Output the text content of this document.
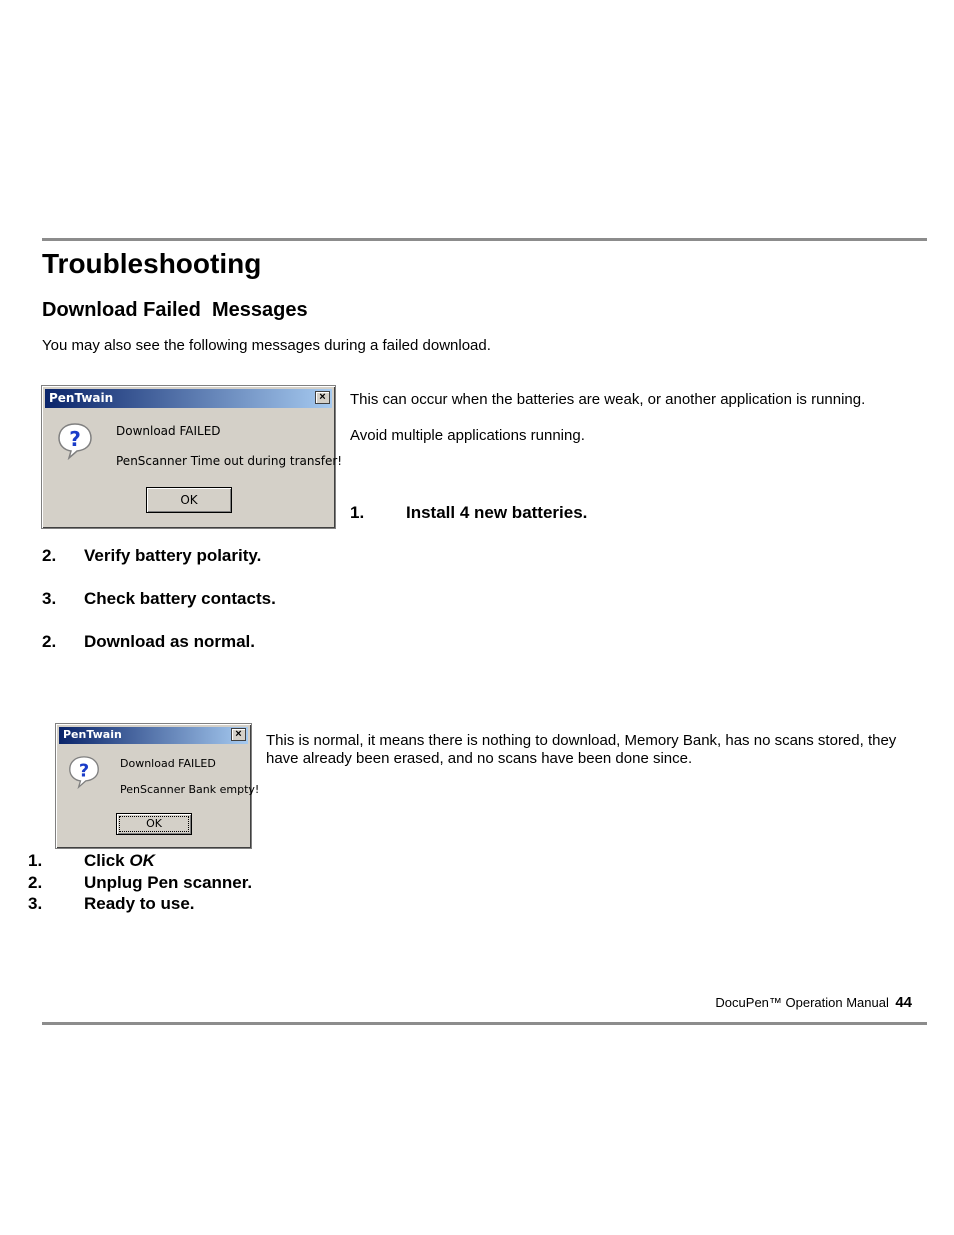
Troubleshooting
Download Failed  Messages
You may also see the following messages during a failed download.
PenTwain	×
?	Download FAILED
PenScanner Time out during transfer!
OK
This can occur when the batteries are weak, or another application is running.
Avoid multiple applications running.
1. Install 4 new batteries.
2. Verify battery polarity.
3. Check battery contacts.
2. Download as normal.
PenTwain	×
?	Download FAILED
PenScanner Bank empty!
OK
This is normal, it means there is nothing to download, Memory Bank, has no scans stored, they have already been erased, and no scans have been done since.
1. Click OK
2. Unplug Pen scanner.
3. Ready to use.
DocuPen™ Operation Manual 44
